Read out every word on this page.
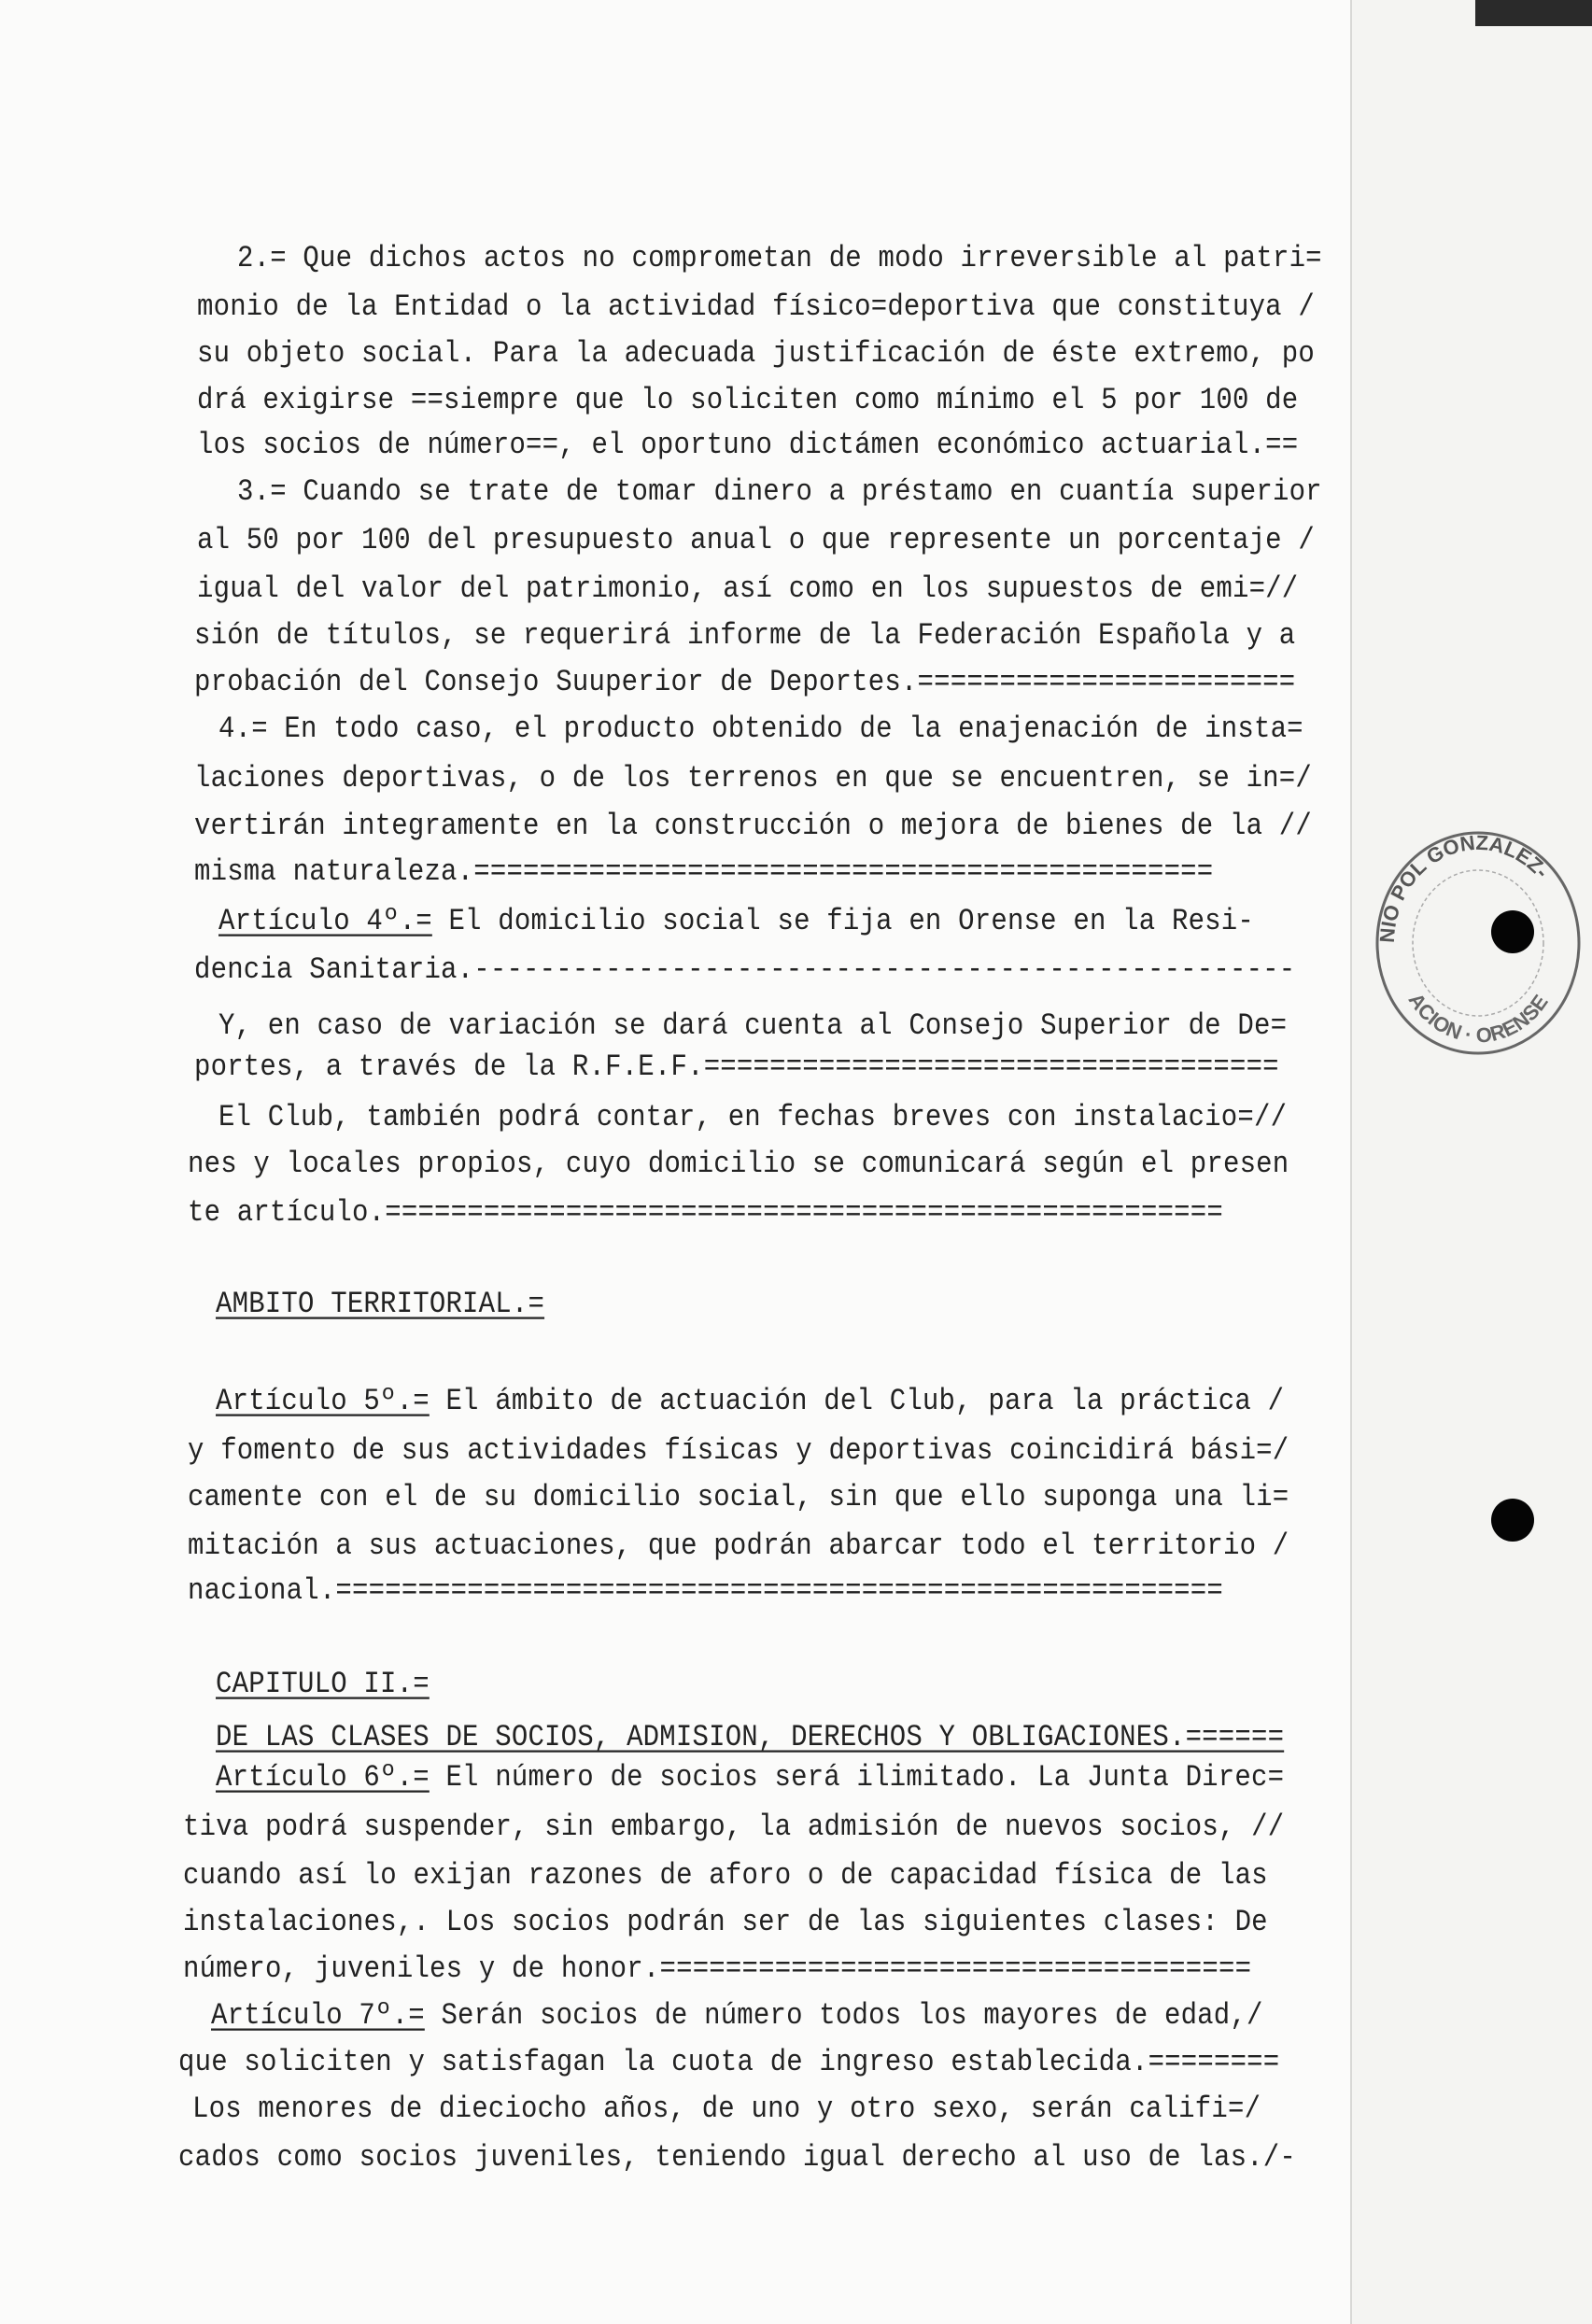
2.= Que dichos actos no comprometan de modo irreversible al patri=
monio de la Entidad o la actividad físico=deportiva que constituya /
su objeto social. Para la adecuada justificación de éste extremo, po
drá exigirse ==siempre que lo soliciten como mínimo el 5 por 100 de
los socios de número==, el oportuno dictámen económico actuarial.==
3.= Cuando se trate de tomar dinero a préstamo en cuantía superior
al 50 por 100 del presupuesto anual o que represente un porcentaje /
igual del valor del patrimonio, así como en los supuestos de emi=//
sión de títulos, se requerirá informe de la Federación Española y a
probación del Consejo Suuperior de Deportes.=======================
4.= En todo caso, el producto obtenido de la enajenación de insta=
laciones deportivas, o de los terrenos en que se encuentren, se in=/
vertirán integramente en la construcción o mejora de bienes de la //
misma naturaleza.=============================================
Artículo 4º.= El domicilio social se fija en Orense en la Resi-
dencia Sanitaria.--------------------------------------------------
Y, en caso de variación se dará cuenta al Consejo Superior de De=
portes, a través de la R.F.E.F.===================================
El Club, también podrá contar, en fechas breves con instalacio=//
nes y locales propios, cuyo domicilio se comunicará según el presen
te artículo.===================================================
AMBITO TERRITORIAL.=
Artículo 5º.= El ámbito de actuación del Club, para la práctica /
y fomento de sus actividades físicas y deportivas coincidirá bási=/
camente con el de su domicilio social, sin que ello suponga una li=
mitación a sus actuaciones, que podrán abarcar todo el territorio /
nacional.======================================================
CAPITULO II.=
DE LAS CLASES DE SOCIOS, ADMISION, DERECHOS Y OBLIGACIONES.======
Artículo 6º.= El número de socios será ilimitado. La Junta Direc=
tiva podrá suspender, sin embargo, la admisión de nuevos socios, //
cuando así lo exijan razones de aforo o de capacidad física de las
instalaciones,. Los socios podrán ser de las siguientes clases: De
número, juveniles y de honor.====================================
Artículo 7º.= Serán socios de número todos los mayores de edad,/
que soliciten y satisfagan la cuota de ingreso establecida.========
Los menores de dieciocho años, de uno y otro sexo, serán califi=/
cados como socios juveniles, teniendo igual derecho al uso de las./-
NIO POL GONZALEZ-
ACION · ORENSE
